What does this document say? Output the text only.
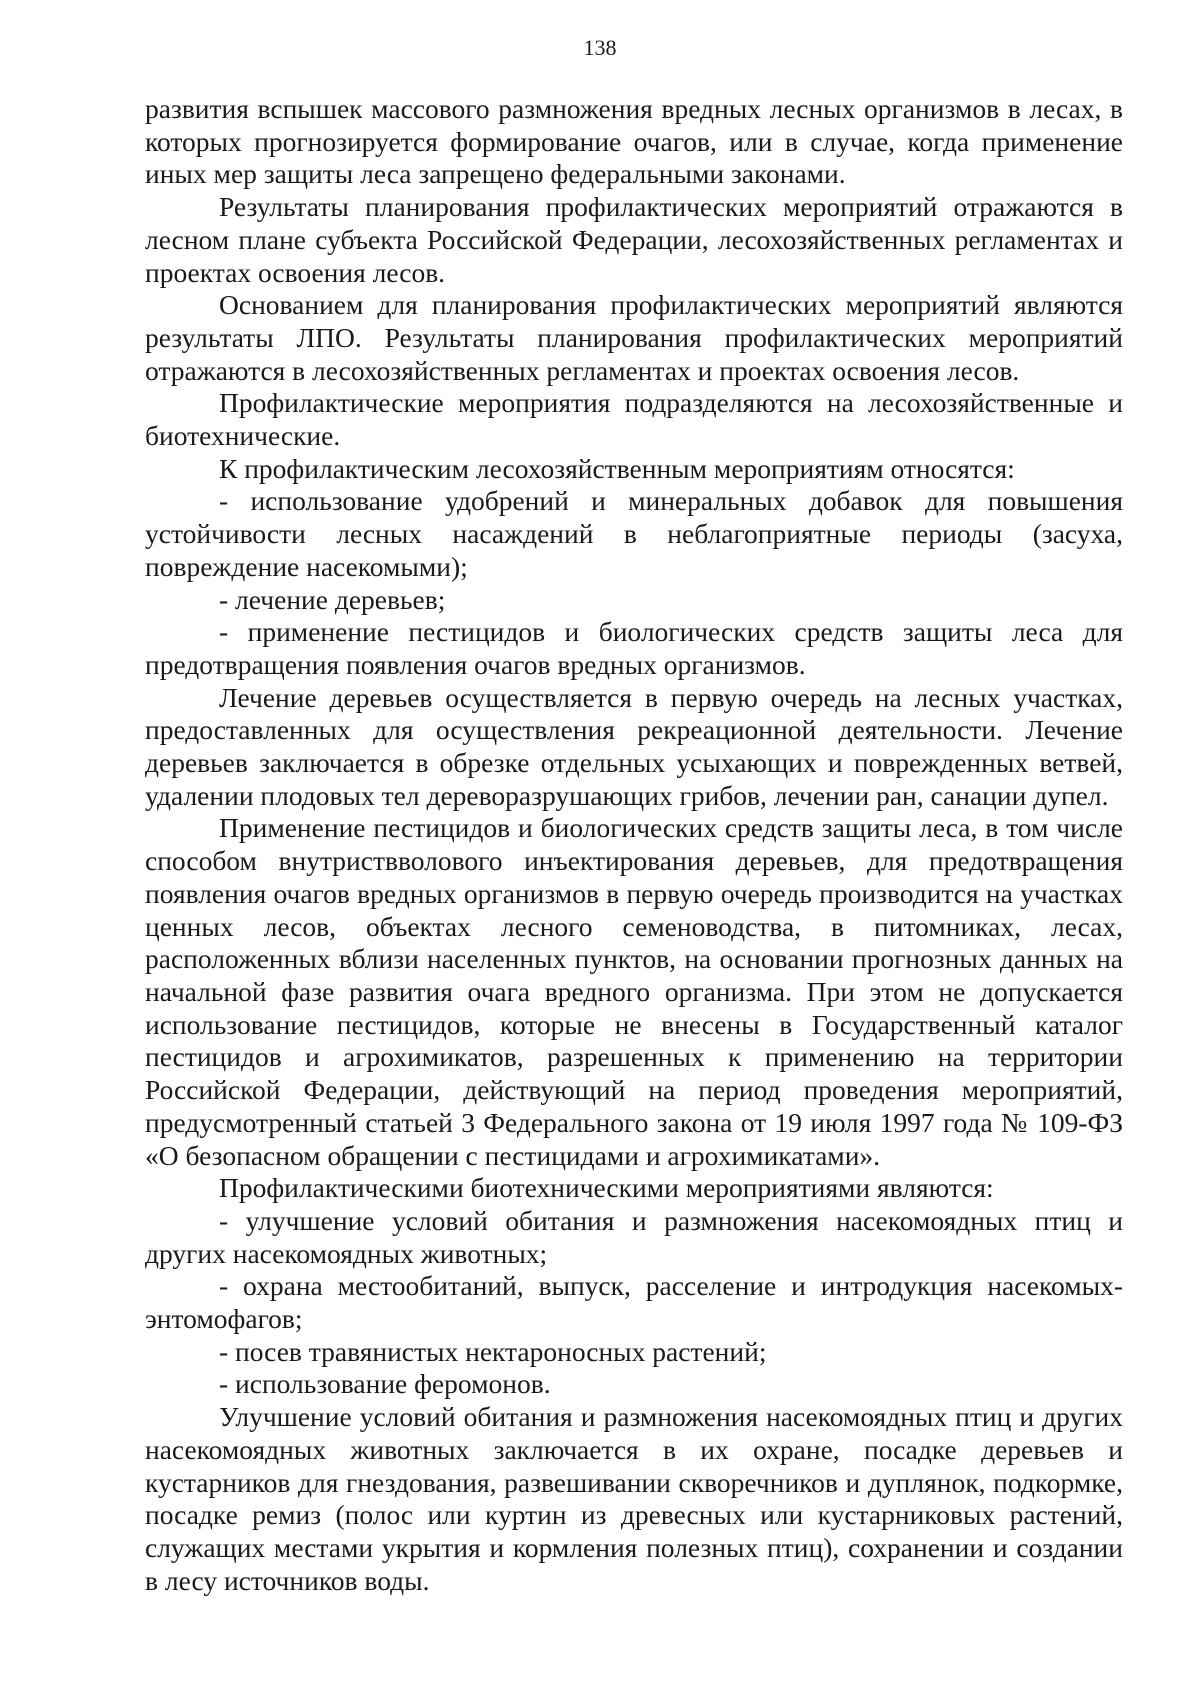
138

развития вспышек массового размножения вредных лесных организмов в лесах, в которых прогнозируется формирование очагов, или в случае, когда применение иных мер защиты леса запрещено федеральными законами.

Результаты планирования профилактических мероприятий отражаются в лесном плане субъекта Российской Федерации, лесохозяйственных регламентах и проектах освоения лесов.

Основанием для планирования профилактических мероприятий являются результаты ЛПО. Результаты планирования профилактических мероприятий отражаются в лесохозяйственных регламентах и проектах освоения лесов.

Профилактические мероприятия подразделяются на лесохозяйственные и биотехнические.

К профилактическим лесохозяйственным мероприятиям относятся:

- использование удобрений и минеральных добавок для повышения устойчивости лесных насаждений в неблагоприятные периоды (засуха, повреждение насекомыми);

- лечение деревьев;

- применение пестицидов и биологических средств защиты леса для предотвращения появления очагов вредных организмов.

Лечение деревьев осуществляется в первую очередь на лесных участках, предоставленных для осуществления рекреационной деятельности. Лечение деревьев заключается в обрезке отдельных усыхающих и поврежденных ветвей, удалении плодовых тел дереворазрушающих грибов, лечении ран, санации дупел.

Применение пестицидов и биологических средств защиты леса, в том числе способом внутриствволового инъектирования деревьев, для предотвращения появления очагов вредных организмов в первую очередь производится на участках ценных лесов, объектах лесного семеноводства, в питомниках, лесах, расположенных вблизи населенных пунктов, на основании прогнозных данных на начальной фазе развития очага вредного организма. При этом не допускается использование пестицидов, которые не внесены в Государственный каталог пестицидов и агрохимикатов, разрешенных к применению на территории Российской Федерации, действующий на период проведения мероприятий, предусмотренный статьей 3 Федерального закона от 19 июля 1997 года № 109-ФЗ «О безопасном обращении с пестицидами и агрохимикатами».

Профилактическими биотехническими мероприятиями являются:

- улучшение условий обитания и размножения насекомоядных птиц и других насекомоядных животных;

- охрана местообитаний, выпуск, расселение и интродукция насекомых-энтомофагов;

- посев травянистых нектароносных растений;

- использование феромонов.

Улучшение условий обитания и размножения насекомоядных птиц и других насекомоядных животных заключается в их охране, посадке деревьев и кустарников для гнездования, развешивании скворечников и дуплянок, подкормке, посадке ремиз (полос или куртин из древесных или кустарниковых растений, служащих местами укрытия и кормления полезных птиц), сохранении и создании в лесу источников воды.
